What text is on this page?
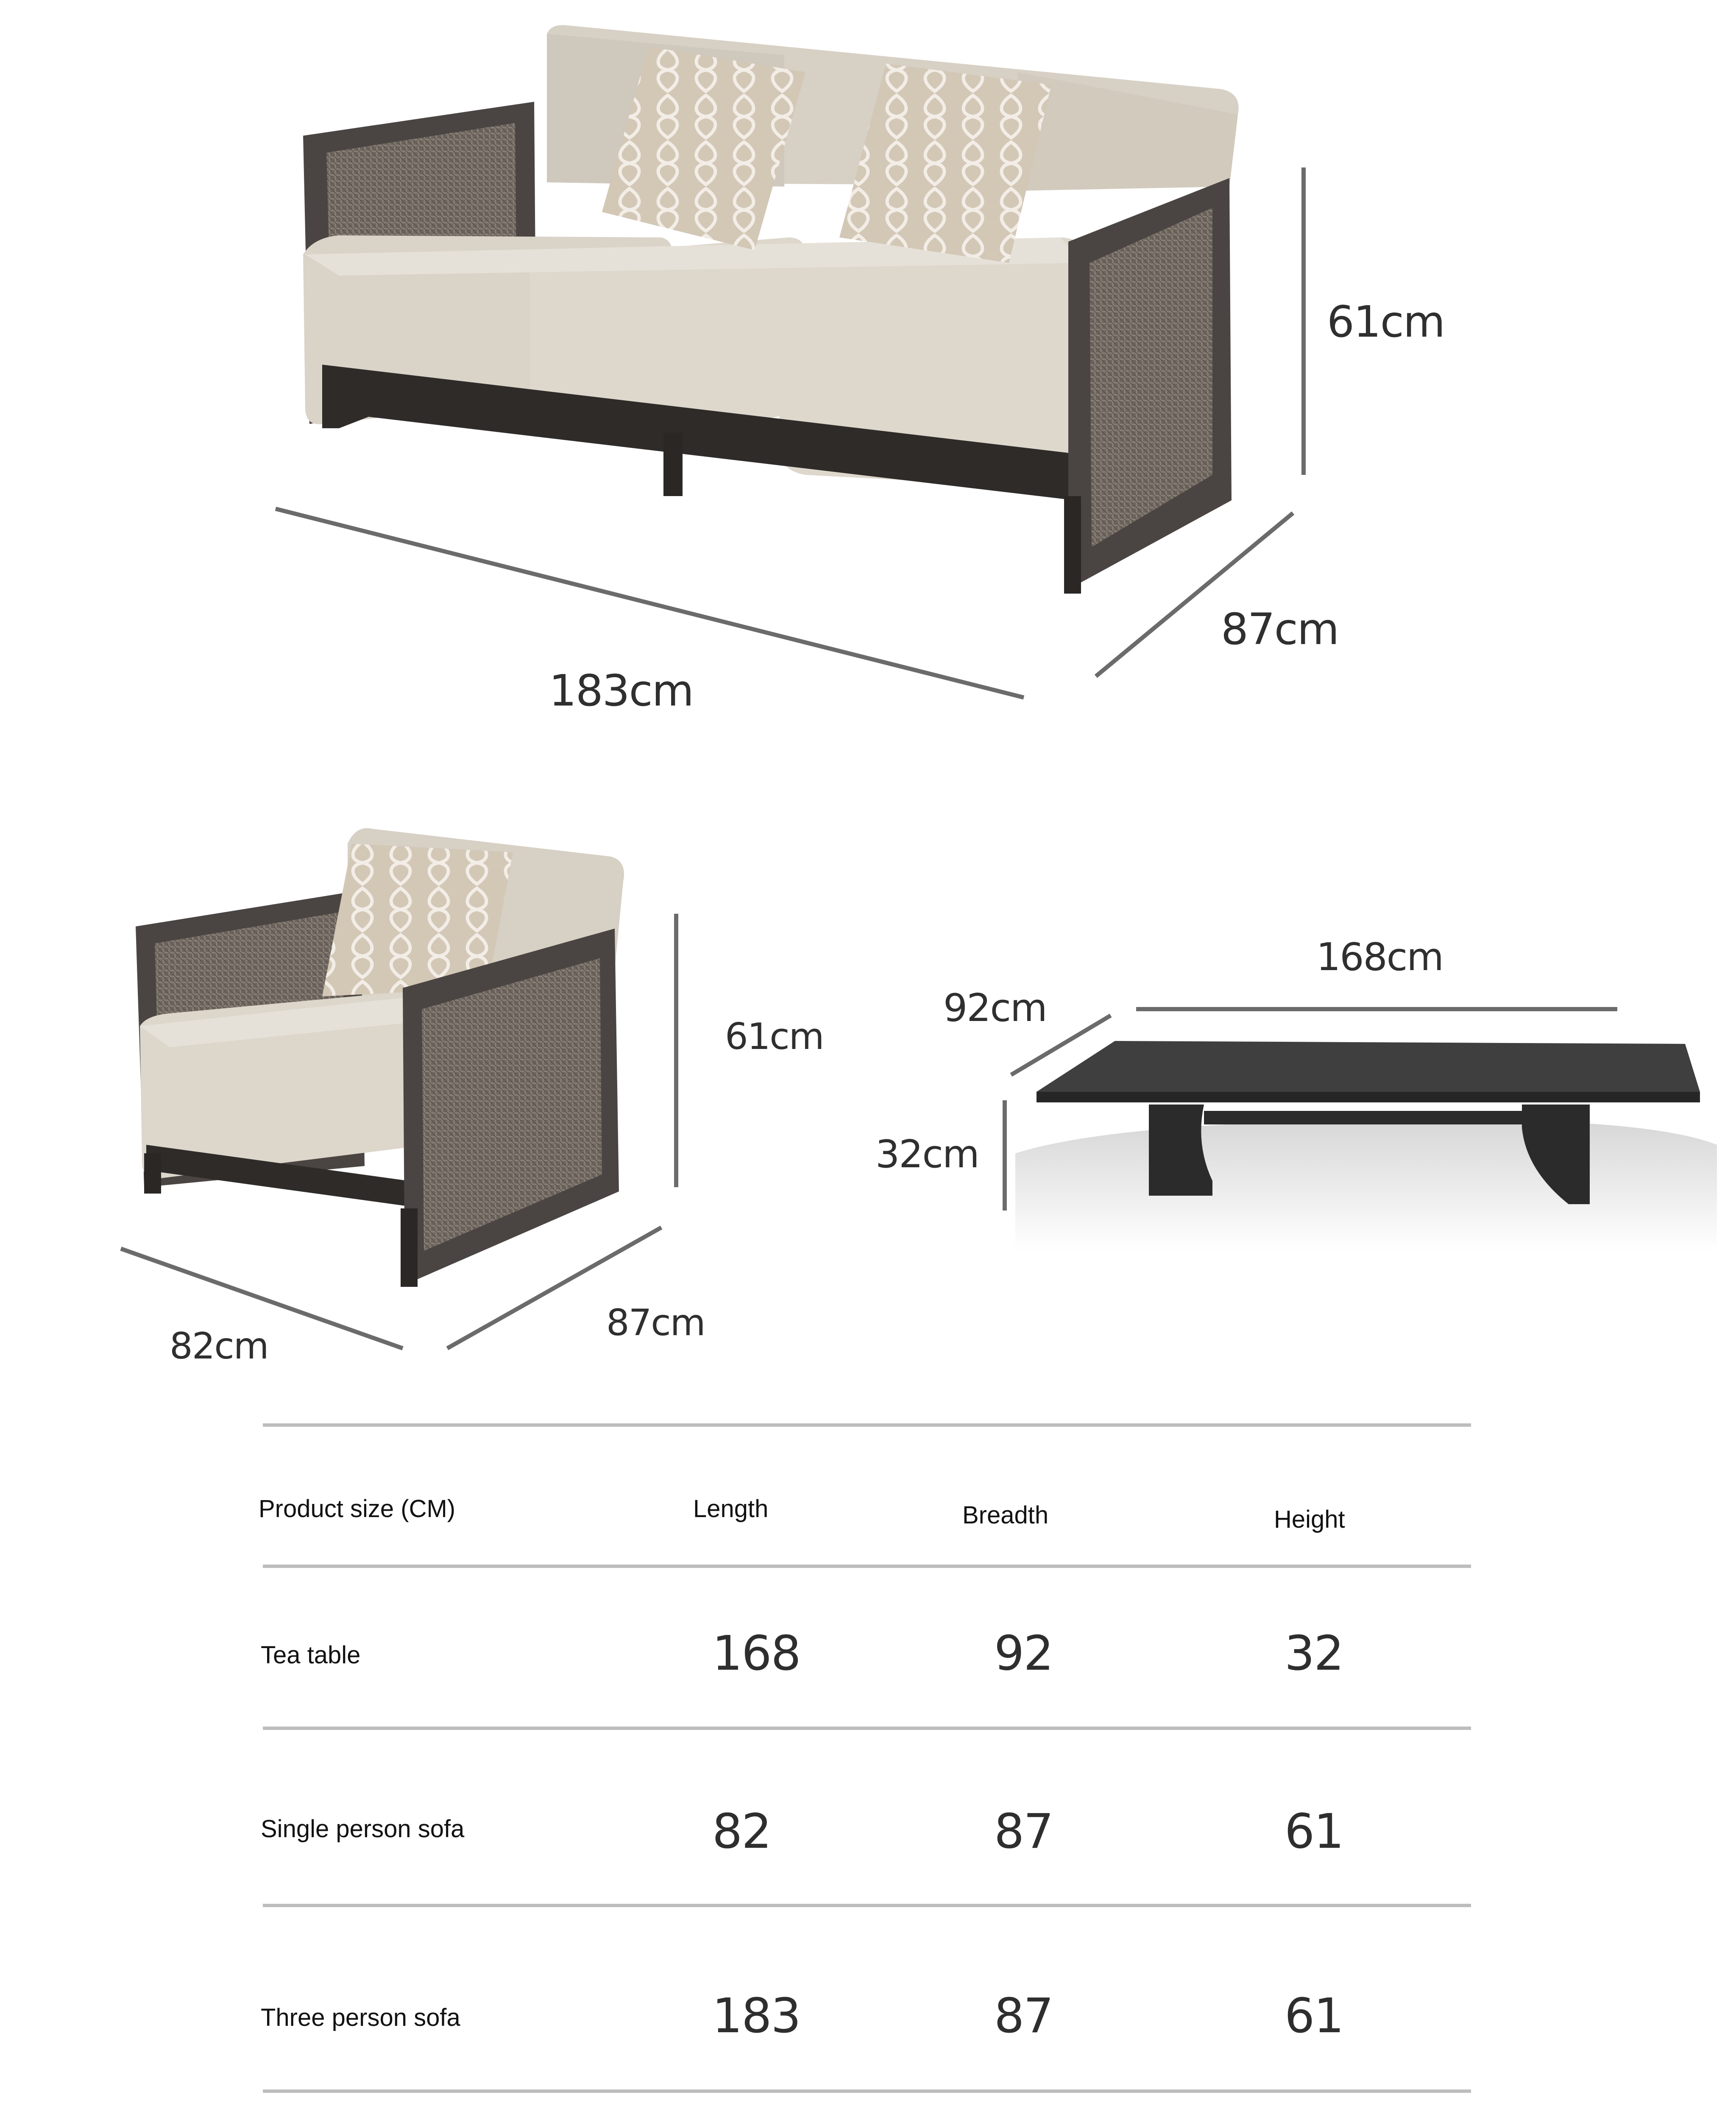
61cm
183cm
87cm
61cm
82cm
87cm
168cm
92cm
32cm
Product size (CM)	Length	Breadth	Height
Tea table	168	92	32
Single person sofa	82	87	61
Three person sofa	183	87	61
